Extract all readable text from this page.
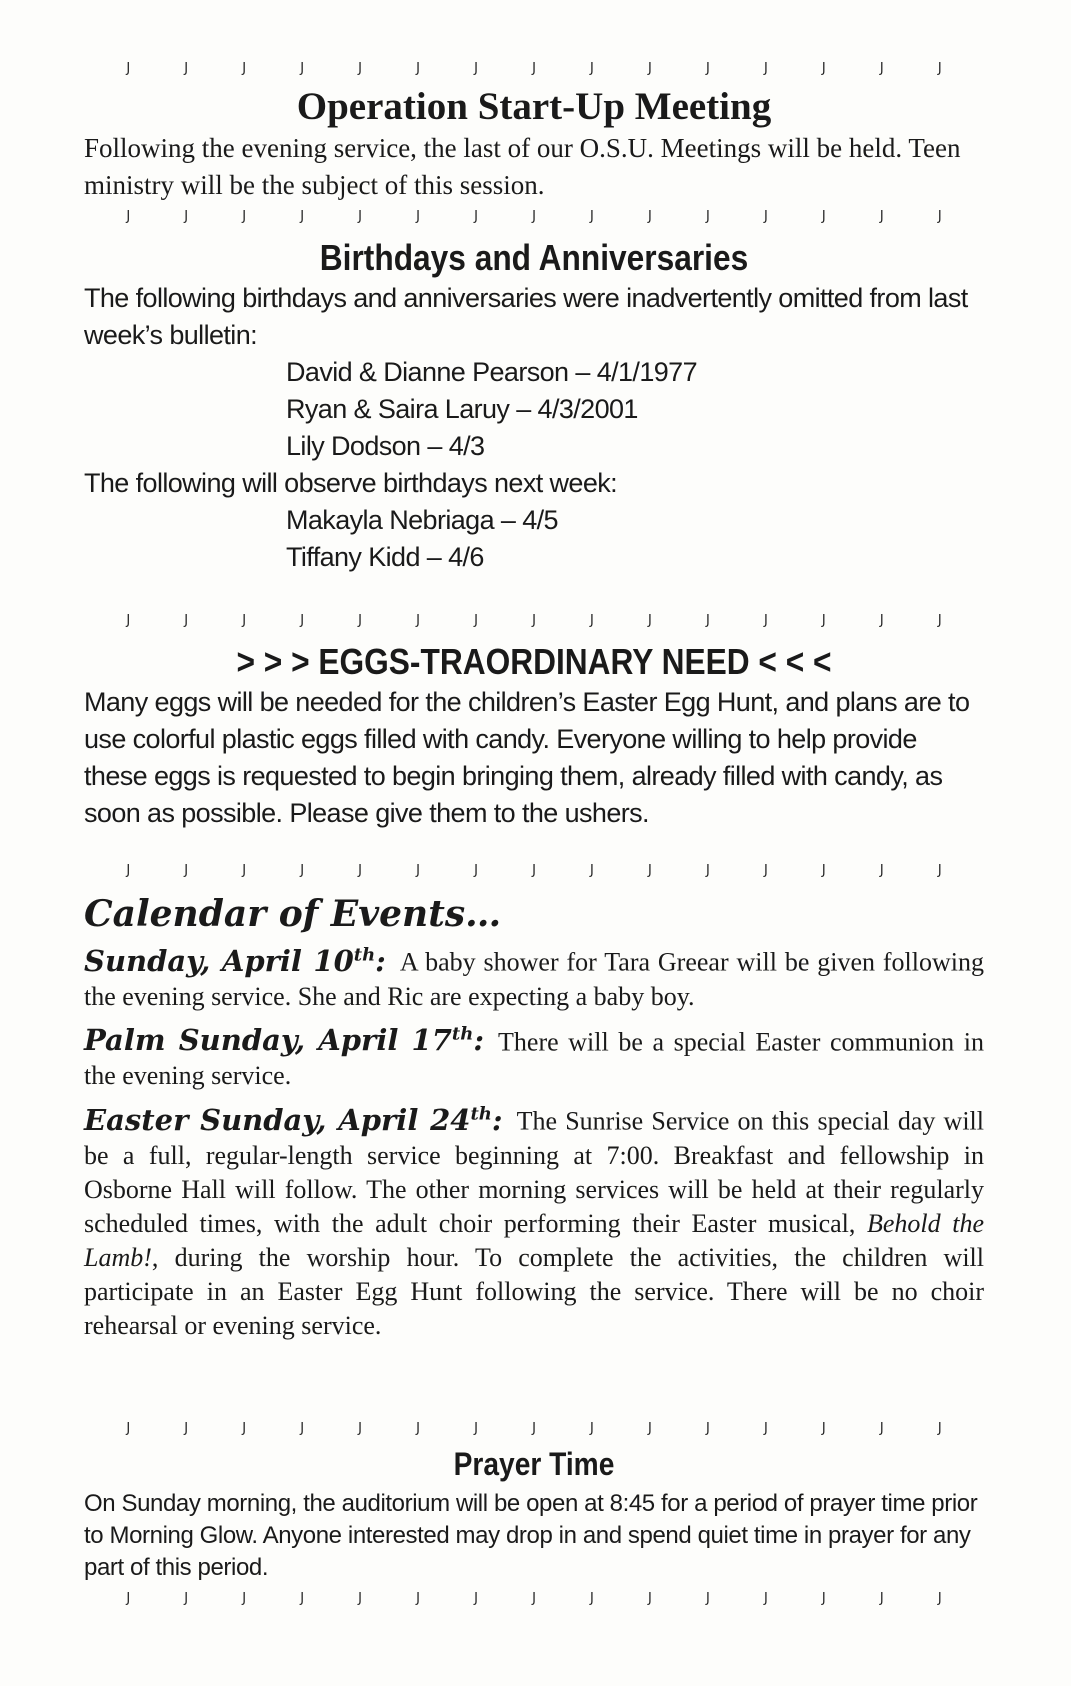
J J J J J J J J J J J J J J J
Operation Start-Up Meeting

Following the evening service, the last of our O.S.U. Meetings will be held. Teen ministry will be the subject of this session.

J J J J J J J J J J J J J J J
Birthdays and Anniversaries

The following birthdays and anniversaries were inadvertently omitted from last week’s bulletin:

David & Dianne Pearson – 4/1/1977
Ryan & Saira Laruy – 4/3/2001
Lily Dodson – 4/3

The following will observe birthdays next week:

Makayla Nebriaga – 4/5
Tiffany Kidd – 4/6
J J J J J J J J J J J J J J J
> > > EGGS-TRAORDINARY NEED < < <

Many eggs will be needed for the children’s Easter Egg Hunt, and plans are to use colorful plastic eggs filled with candy. Everyone willing to help provide these eggs is requested to begin bringing them, already filled with candy, as soon as possible. Please give them to the ushers.

J J J J J J J J J J J J J J J
Calendar of Events…

Sunday, April 10th: A baby shower for Tara Greear will be given following the evening service. She and Ric are expecting a baby boy.

Palm Sunday, April 17th: There will be a special Easter communion in the evening service.

Easter Sunday, April 24th: The Sunrise Service on this special day will be a full, regular-length service beginning at 7:00. Breakfast and fellowship in Osborne Hall will follow. The other morning services will be held at their regularly scheduled times, with the adult choir performing their Easter musical, Behold the Lamb!, during the worship hour. To complete the activities, the children will participate in an Easter Egg Hunt following the service. There will be no choir rehearsal or evening service.

J J J J J J J J J J J J J J J
Prayer Time

On Sunday morning, the auditorium will be open at 8:45 for a period of prayer time prior to Morning Glow. Anyone interested may drop in and spend quiet time in prayer for any part of this period.

J J J J J J J J J J J J J J J
